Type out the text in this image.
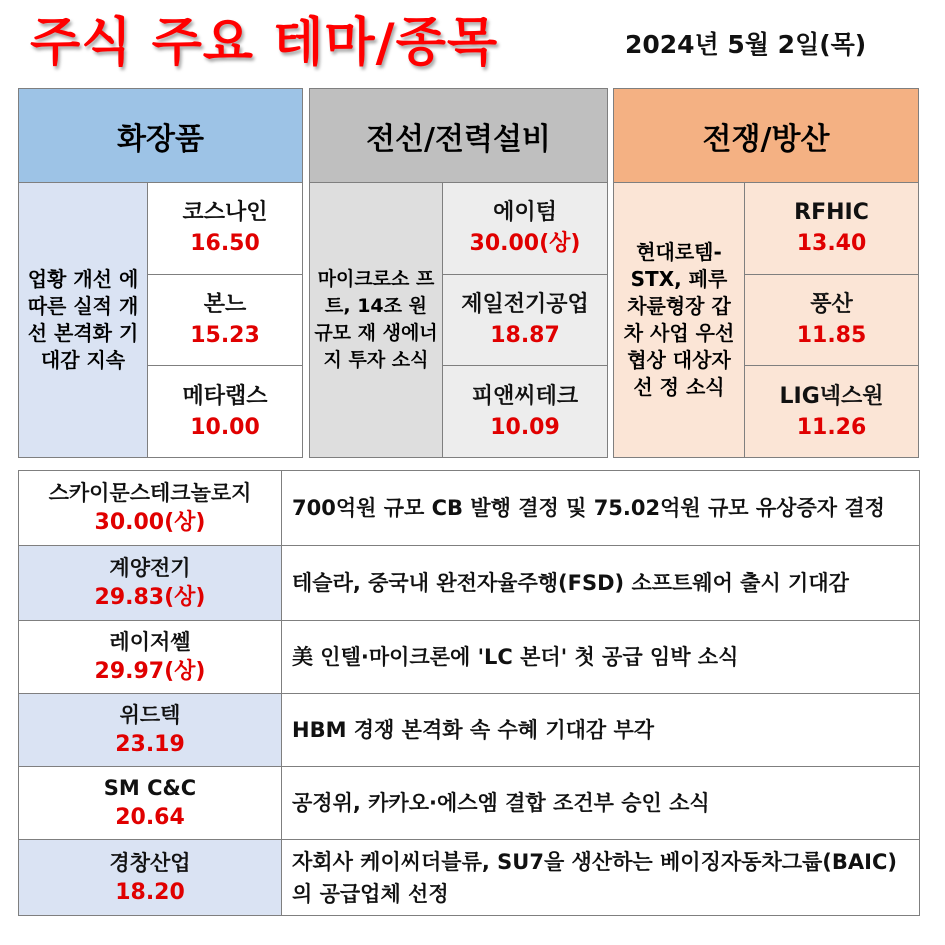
주식 주요 테마/종목	2024년 5월 2일(목)
화장품
업황 개선 에 따른 실적 개선 본격화 기 대감 지속
코스나인
16.50
본느
15.23
메타랩스
10.00
전선/전력설비
마이크로소 프트, 14조 원 규모 재 생에너지 투자 소식
에이텀
30.00(상)
제일전기공업
18.87
피앤씨테크
10.09
전쟁/방산
현대로템- STX, 페루 차륜형장 갑차 사업 우선협상 대상자 선 정 소식
RFHIC
13.40
풍산
11.85
LIG넥스원
11.26
스카이문스테크놀로지
30.00(상)
700억원 규모 CB 발행 결정 및 75.02억원 규모 유상증자 결정
계양전기
29.83(상)
테슬라, 중국내 완전자율주행(FSD) 소프트웨어 출시 기대감
레이저쎌
29.97(상)
美 인텔·마이크론에 'LC 본더' 첫 공급 임박 소식
위드텍
23.19
HBM 경쟁 본격화 속 수혜 기대감 부각
SM C&C
20.64
공정위, 카카오·에스엠 결합 조건부 승인 소식
경창산업
18.20
자회사 케이씨더블류, SU7을 생산하는 베이징자동차그룹(BAIC)의 공급업체 선정
